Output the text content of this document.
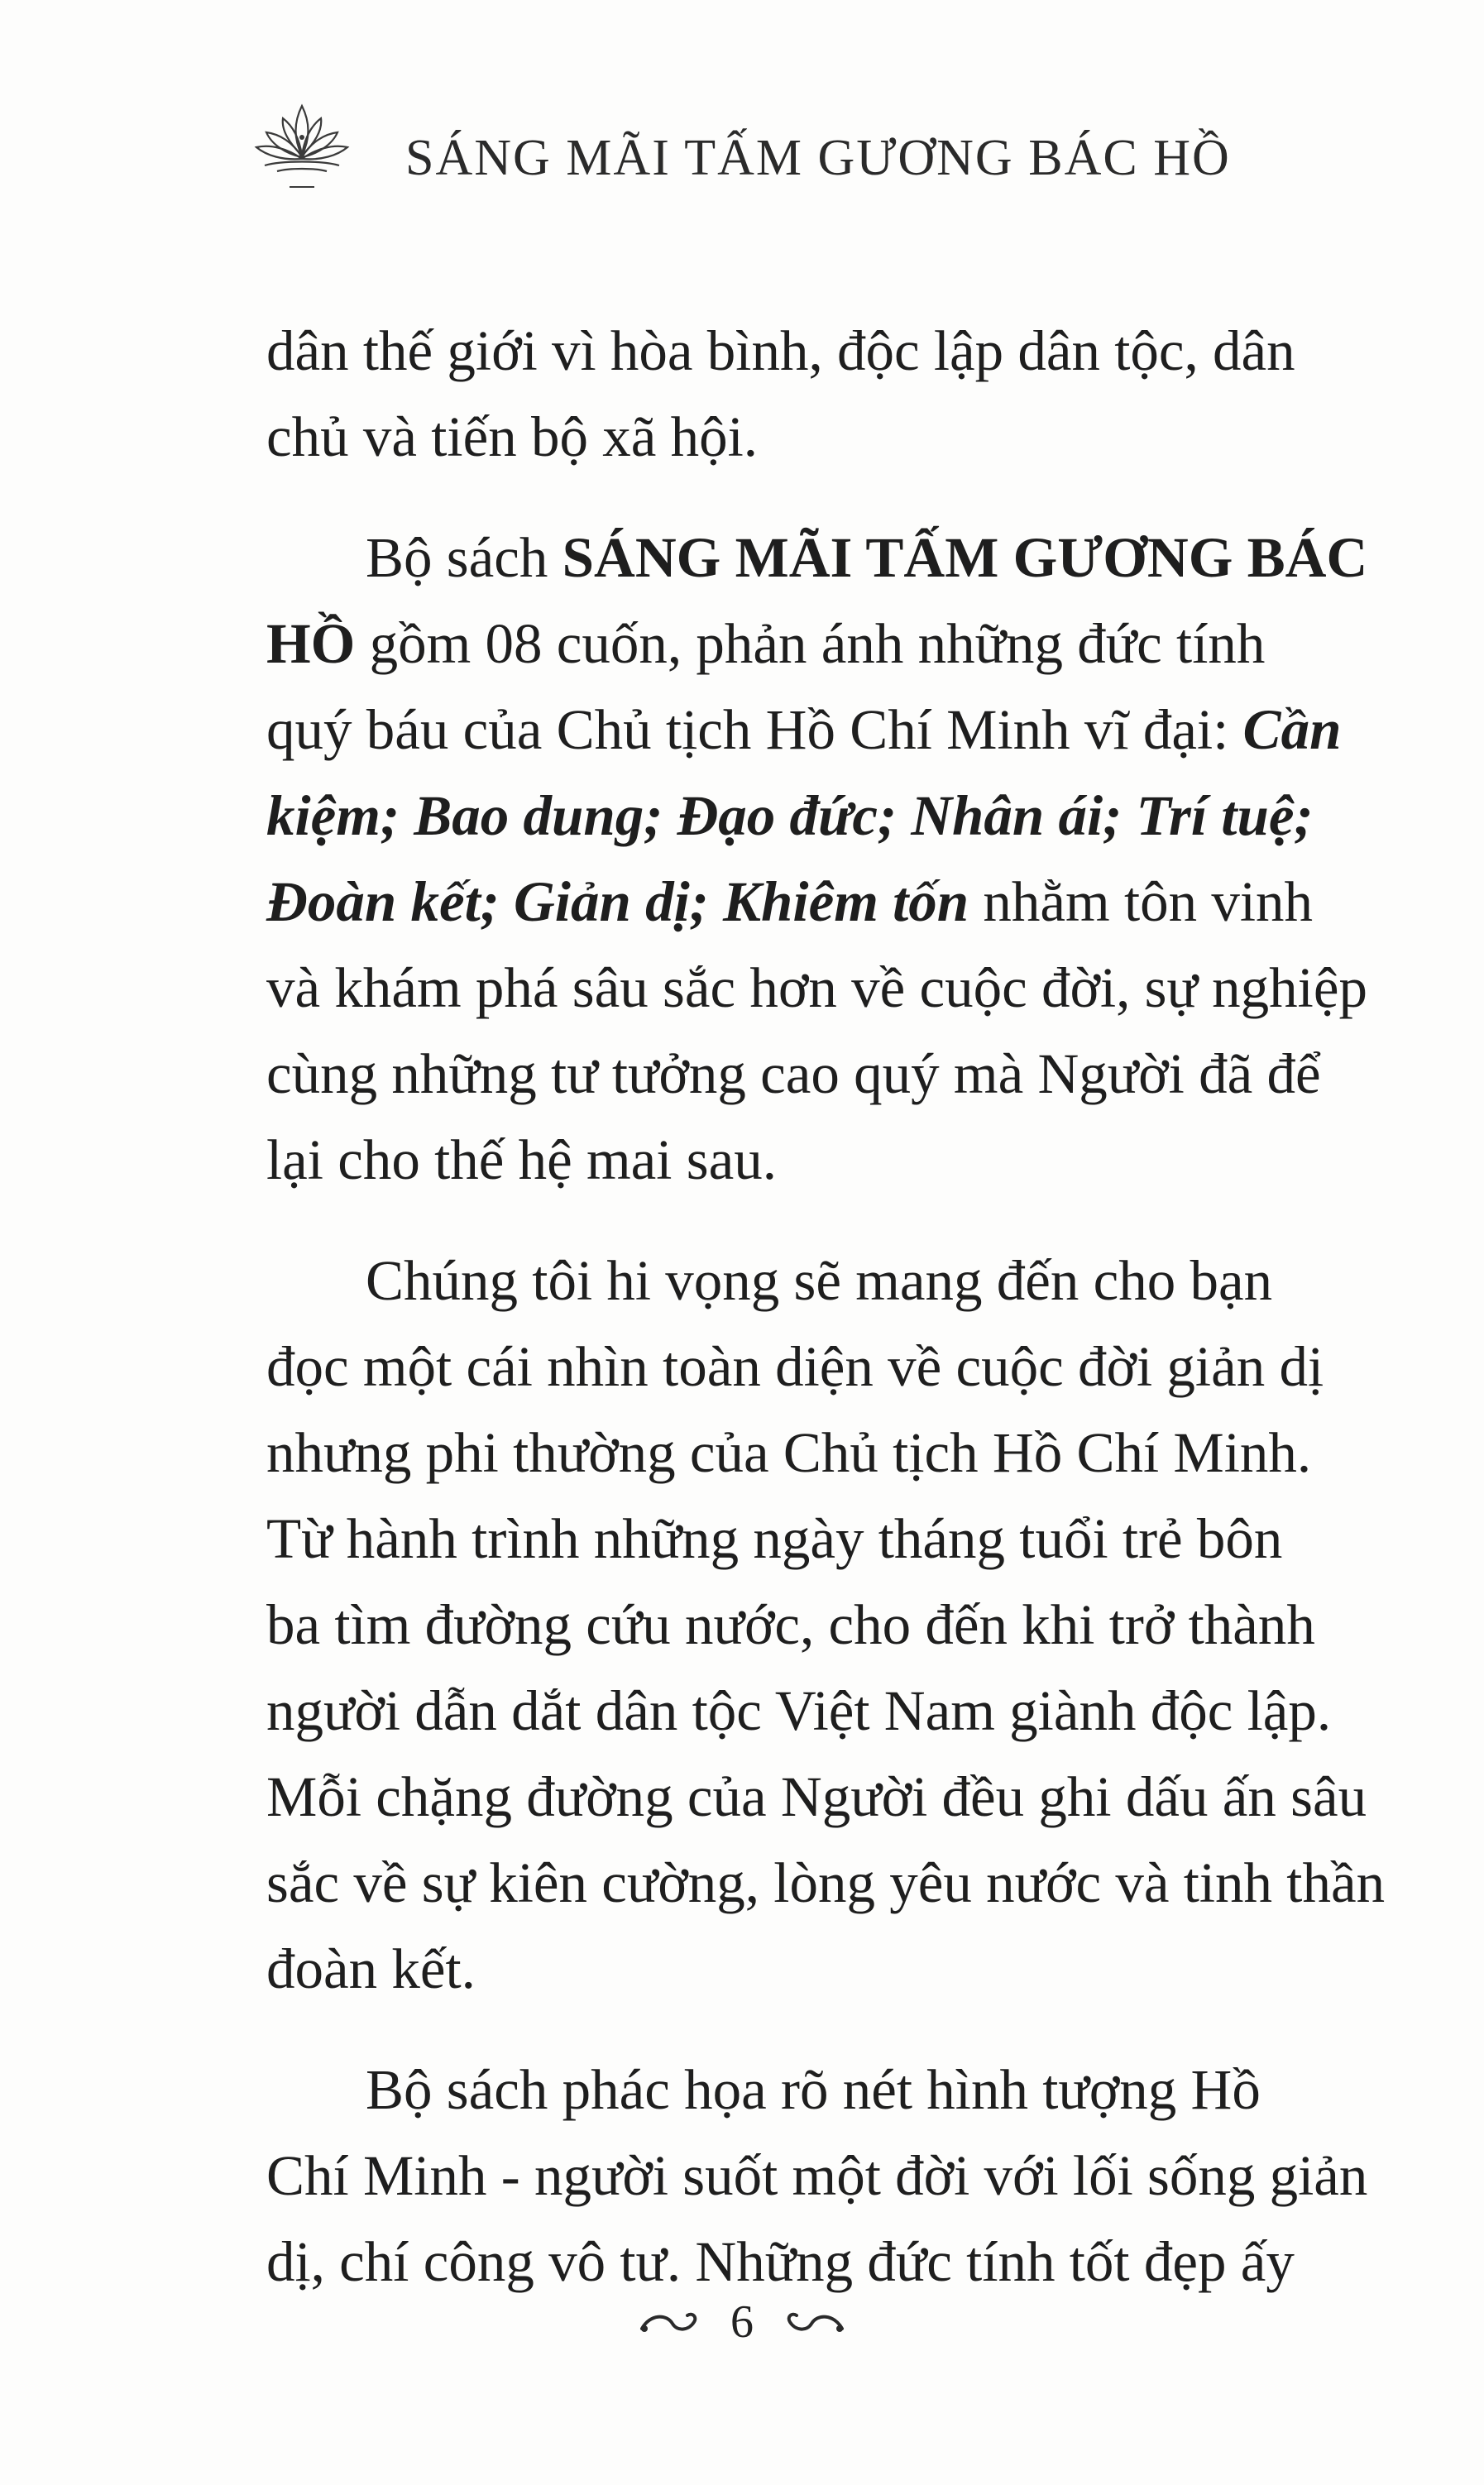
SÁNG MÃI TẤM GƯƠNG BÁC HỒ
dân thế giới vì hòa bình, độc lập dân tộc, dân
chủ và tiến bộ xã hội.
Bộ sách SÁNG MÃI TẤM GƯƠNG BÁC
HỒ gồm 08 cuốn, phản ánh những đức tính
quý báu của Chủ tịch Hồ Chí Minh vĩ đại: Cần
kiệm; Bao dung; Đạo đức; Nhân ái; Trí tuệ;
Đoàn kết; Giản dị; Khiêm tốn nhằm tôn vinh
và khám phá sâu sắc hơn về cuộc đời, sự nghiệp
cùng những tư tưởng cao quý mà Người đã để
lại cho thế hệ mai sau.
Chúng tôi hi vọng sẽ mang đến cho bạn
đọc một cái nhìn toàn diện về cuộc đời giản dị
nhưng phi thường của Chủ tịch Hồ Chí Minh.
Từ hành trình những ngày tháng tuổi trẻ bôn
ba tìm đường cứu nước, cho đến khi trở thành
người dẫn dắt dân tộc Việt Nam giành độc lập.
Mỗi chặng đường của Người đều ghi dấu ấn sâu
sắc về sự kiên cường, lòng yêu nước và tinh thần
đoàn kết.
Bộ sách phác họa rõ nét hình tượng Hồ
Chí Minh - người suốt một đời với lối sống giản
dị, chí công vô tư. Những đức tính tốt đẹp ấy
6
